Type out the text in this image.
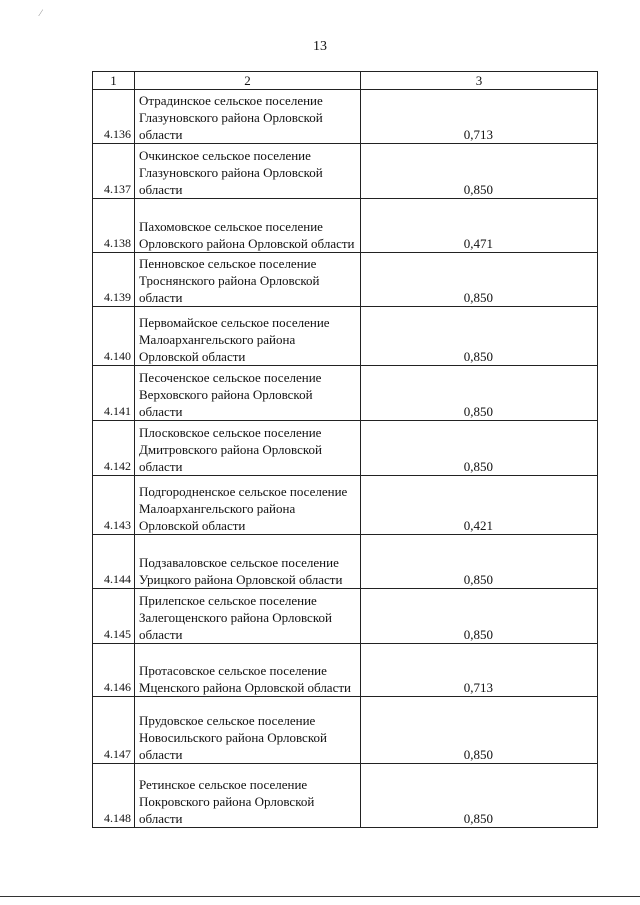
⁄
13
1	2	3
4.136	Отрадинское сельское поселение Глазуновского района Орловской области	0,713
4.137	Очкинское сельское поселение Глазуновского района Орловской области	0,850
4.138	Пахомовское сельское поселение Орловского района Орловской области	0,471
4.139	Пенновское сельское поселение Троснянского района Орловской области	0,850
4.140	Первомайское сельское поселение Малоархангельского района Орловской области	0,850
4.141	Песоченское сельское поселение Верховского района Орловской области	0,850
4.142	Плосковское сельское поселение Дмитровского района Орловской области	0,850
4.143	Подгородненское сельское поселение Малоархангельского района Орловской области	0,421
4.144	Подзаваловское сельское поселение Урицкого района Орловской области	0,850
4.145	Прилепское сельское поселение Залегощенского района Орловской области	0,850
4.146	Протасовское сельское поселение Мценского района Орловской области	0,713
4.147	Прудовское сельское поселение Новосильского района Орловской области	0,850
4.148	Ретинское сельское поселение Покровского района Орловской области	0,850
